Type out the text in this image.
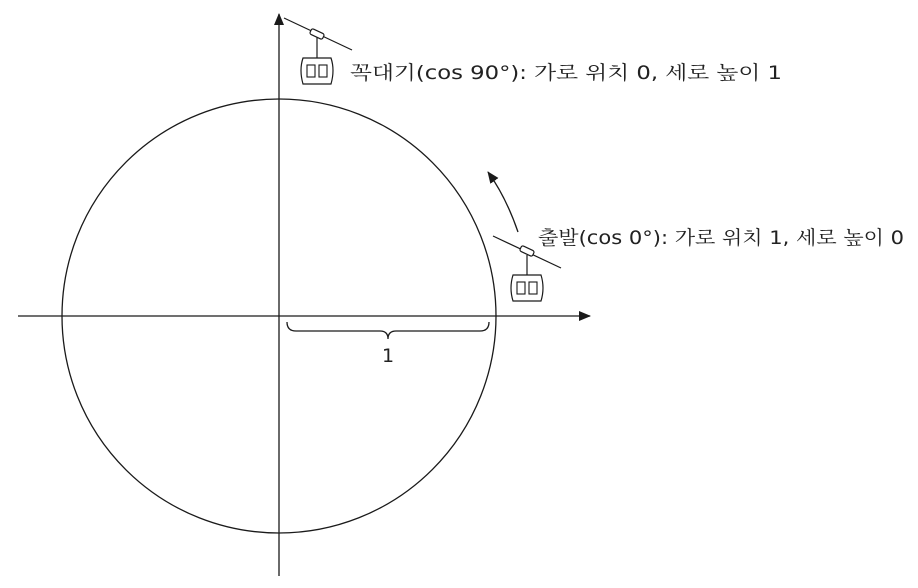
1
꼭대기(cos 90°): 가로 위치 0, 세로 높이 1
출발(cos 0°): 가로 위치 1, 세로 높이 0
